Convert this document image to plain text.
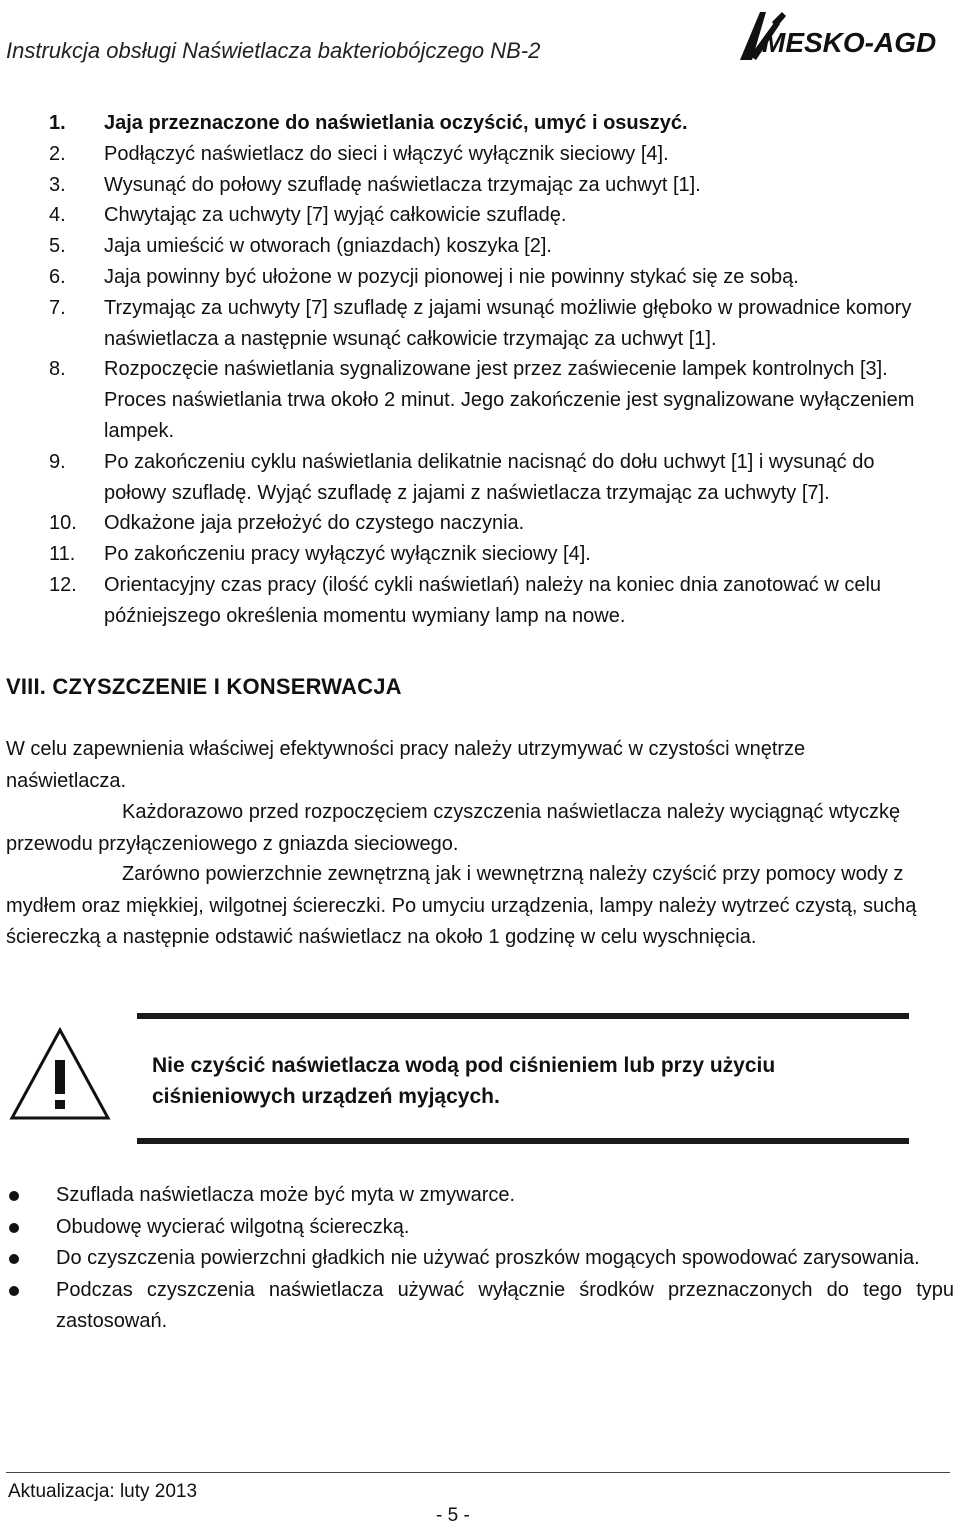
Instrukcja obsługi Naświetlacza bakteriobójczego NB-2	MESKO-AGD
1. Jaja przeznaczone do naświetlania oczyścić, umyć i osuszyć.
2. Podłączyć naświetlacz do sieci i włączyć wyłącznik sieciowy [4].
3. Wysunąć do połowy szufladę naświetlacza trzymając za uchwyt [1].
4. Chwytając za uchwyty [7] wyjąć całkowicie szufladę.
5. Jaja umieścić w otworach (gniazdach) koszyka [2].
6. Jaja powinny być ułożone w pozycji pionowej i nie powinny stykać się ze sobą.
7. Trzymając za uchwyty [7] szufladę z jajami wsunąć możliwie głęboko w prowadnice komory naświetlacza a następnie wsunąć całkowicie trzymając za uchwyt [1].
8. Rozpoczęcie naświetlania sygnalizowane jest przez zaświecenie lampek kontrolnych [3]. Proces naświetlania trwa około 2 minut. Jego zakończenie jest sygnalizowane wyłączeniem lampek.
9. Po zakończeniu cyklu naświetlania delikatnie nacisnąć do dołu uchwyt [1] i wysunąć do połowy szufladę. Wyjąć szufladę z jajami z naświetlacza trzymając za uchwyty [7].
10. Odkażone jaja przełożyć do czystego naczynia.
11. Po zakończeniu pracy wyłączyć wyłącznik sieciowy [4].
12. Orientacyjny czas pracy (ilość cykli naświetlań) należy na koniec dnia zanotować w celu późniejszego określenia momentu wymiany lamp na nowe.
VIII. CZYSZCZENIE I KONSERWACJA

W celu zapewnienia właściwej efektywności pracy należy utrzymywać w czystości wnętrze naświetlacza.

Każdorazowo przed rozpoczęciem czyszczenia naświetlacza należy wyciągnąć wtyczkę przewodu przyłączeniowego z gniazda sieciowego.

Zarówno powierzchnie zewnętrzną jak i wewnętrzną należy czyścić przy pomocy wody z mydłem oraz miękkiej, wilgotnej ściereczki. Po umyciu urządzenia, lampy należy wytrzeć czystą, suchą ściereczką a następnie odstawić naświetlacz na około 1 godzinę w celu wyschnięcia.

Nie czyścić naświetlacza wodą pod ciśnieniem lub przy użyciu ciśnieniowych urządzeń myjących.
Szuflada naświetlacza może być myta w zmywarce.
Obudowę wycierać wilgotną ściereczką.
Do czyszczenia powierzchni gładkich nie używać proszków mogących spowodować zarysowania.
Podczas czyszczenia naświetlacza używać wyłącznie środków przeznaczonych do tego typu zastosowań.
Aktualizacja: luty 2013
- 5 -
